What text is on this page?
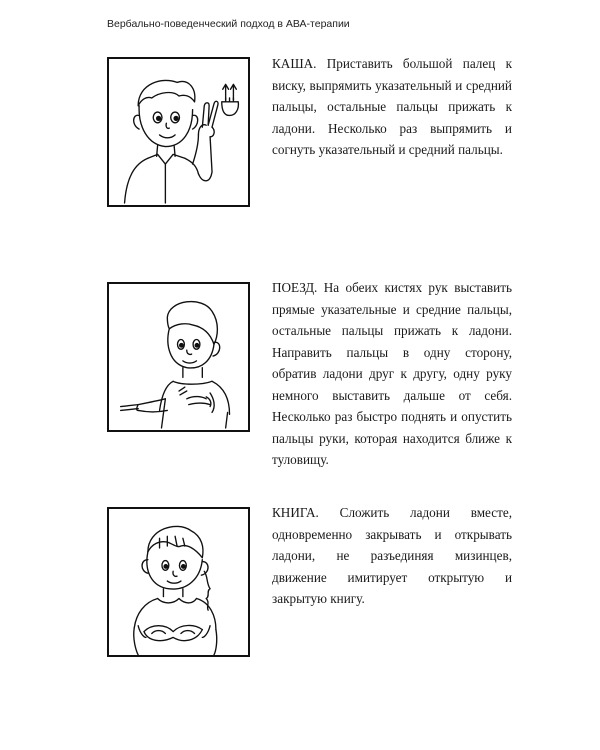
Вербально-поведенческий подход в АВА-терапии
КАША. Приставить большой палец к виску, выпрямить указательный и средний пальцы, остальные пальцы прижать к ладони. Несколько раз выпрямить и согнуть указательный и средний пальцы.
ПОЕЗД. На обеих кистях рук выставить прямые указательные и средние пальцы, остальные пальцы прижать к ладони. Направить пальцы в одну сторону, обратив ладони друг к другу, одну руку немного выставить дальше от себя. Несколько раз быстро поднять и опустить пальцы руки, которая находится ближе к туловищу.
КНИГА. Сложить ладони вместе, одновременно закрывать и открывать ладони, не разъединяя мизинцев, движение имитирует открытую и закрытую книгу.
